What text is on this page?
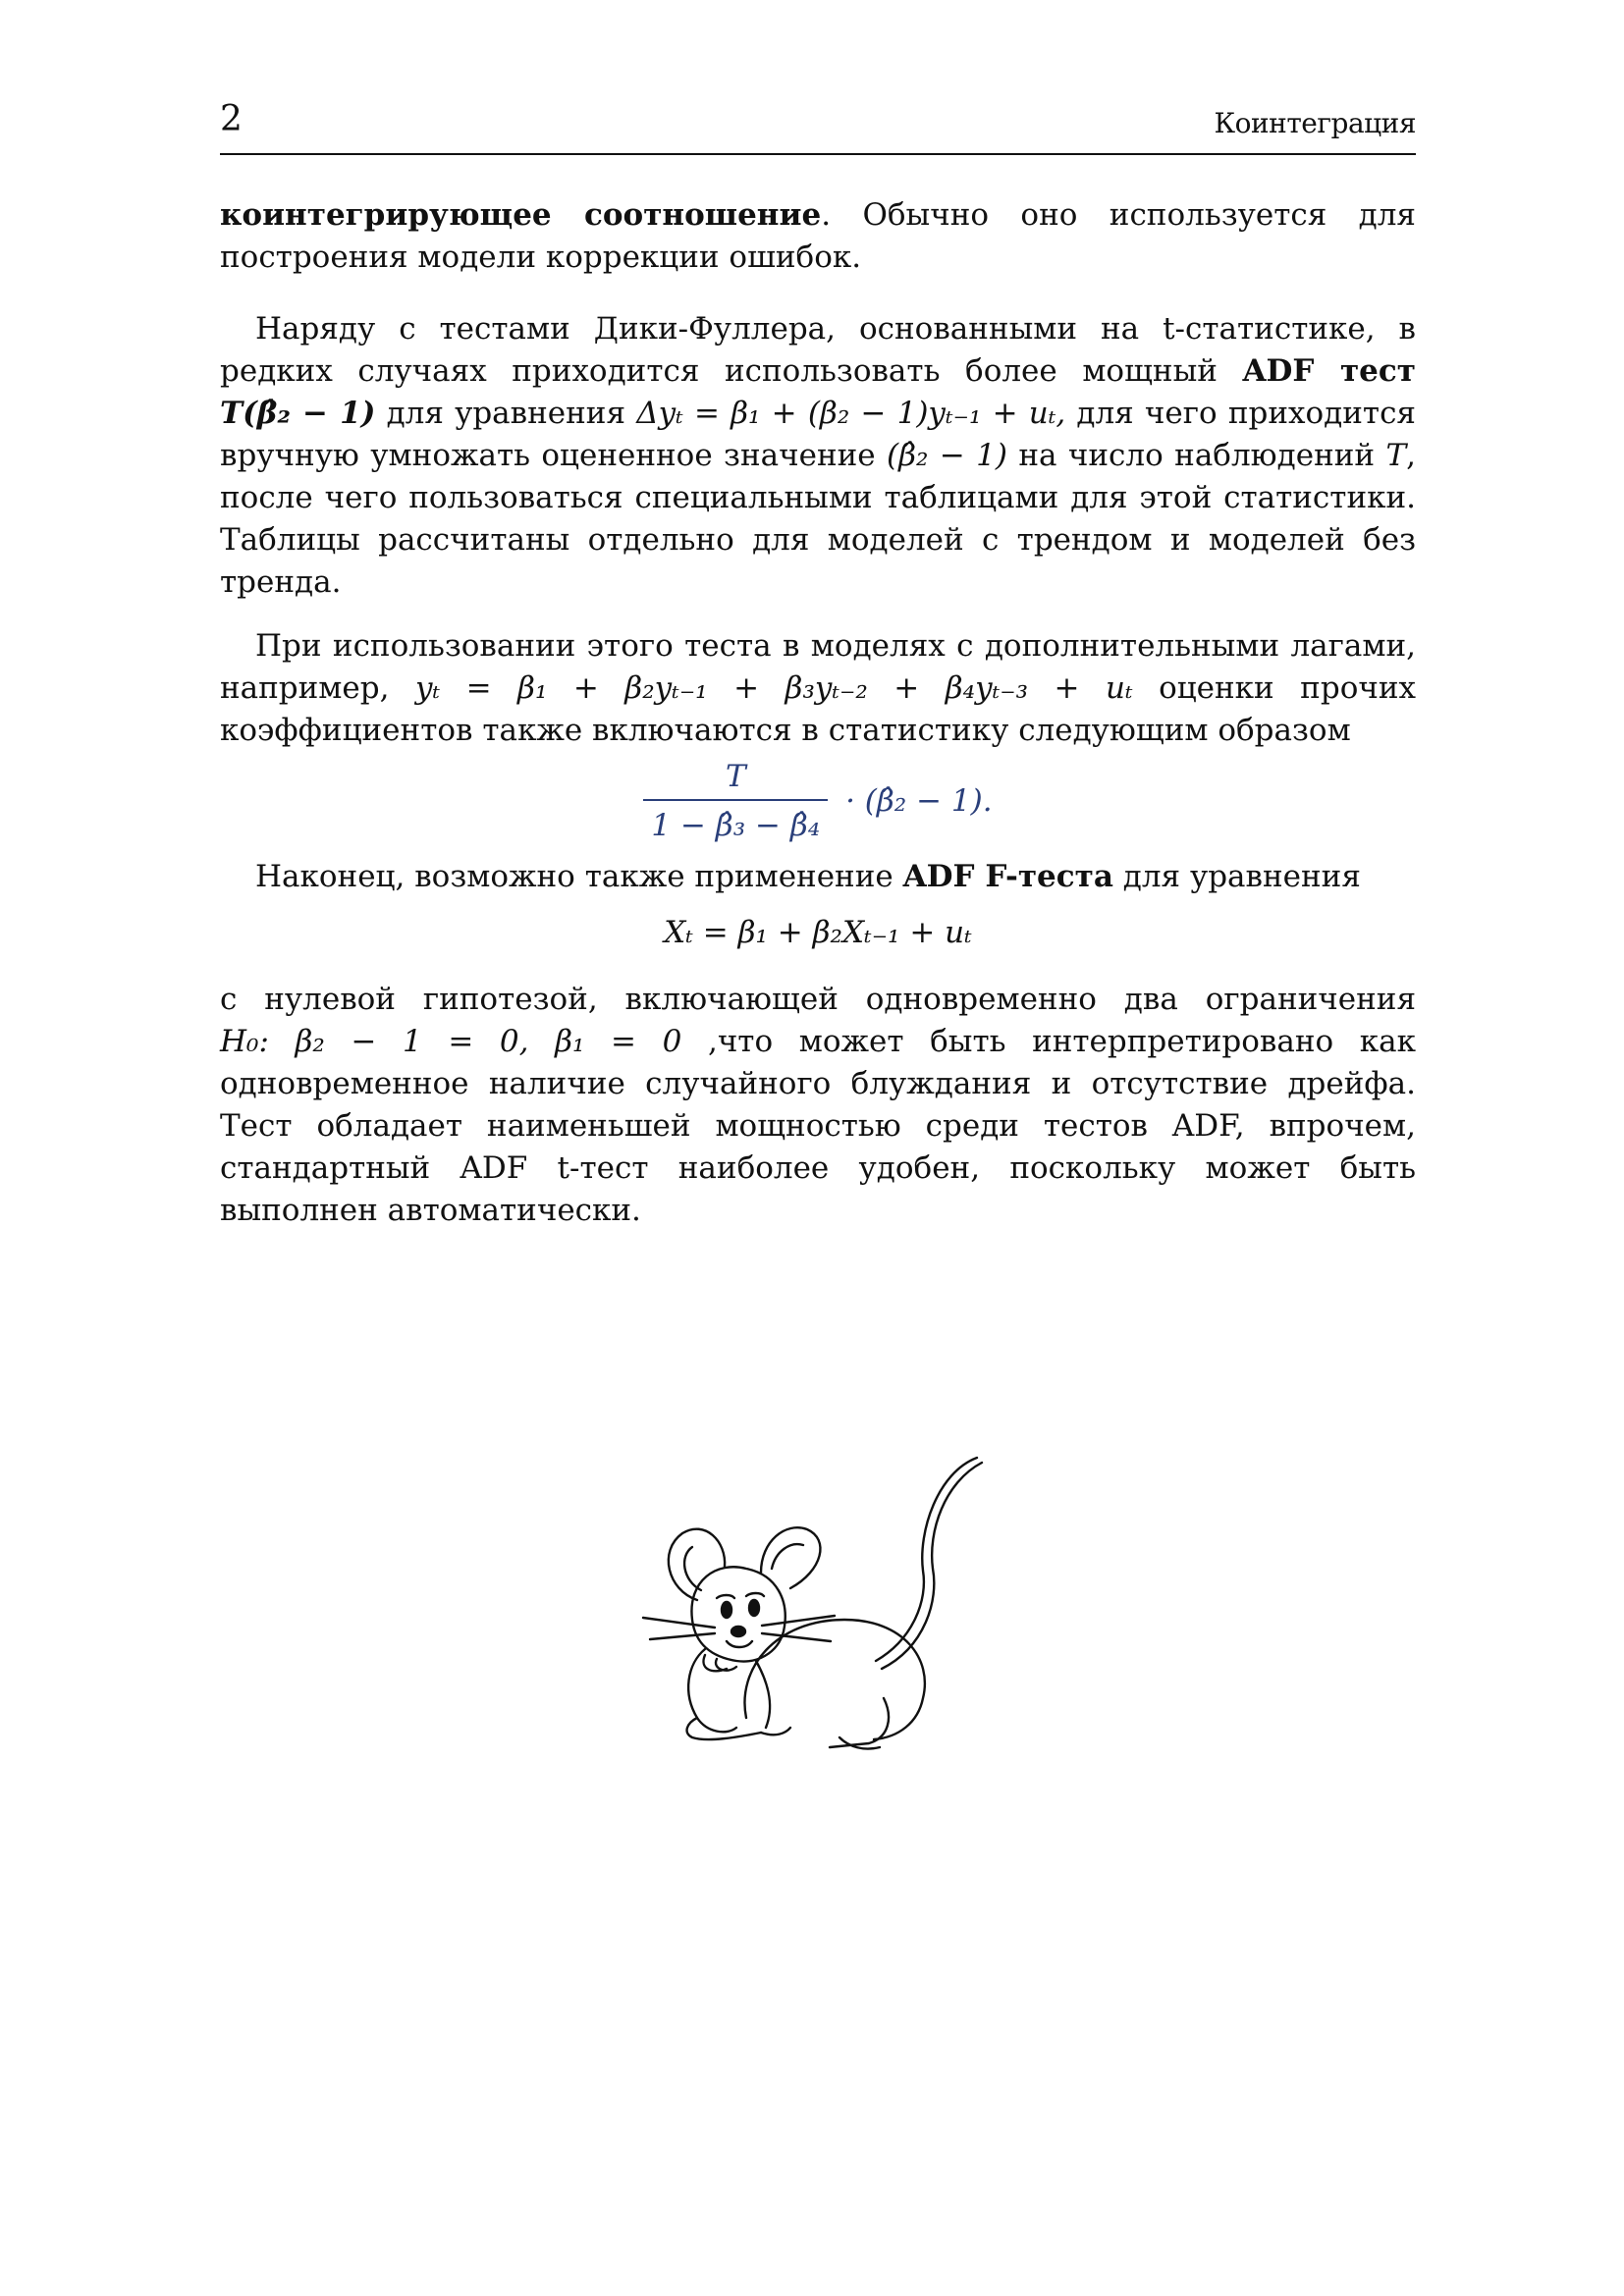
2	Коинтеграция

коинтегрирующее соотношение. Обычно оно используется для построения модели коррекции ошибок.

Наряду с тестами Дики-Фуллера, основанными на t-статистике, в редких случаях приходится использовать более мощный ADF тест T(β̂₂ − 1) для уравнения Δyₜ = β₁ + (β₂ − 1)yₜ₋₁ + uₜ, для чего приходится вручную умножать оцененное значение (β̂₂ − 1) на число наблюдений T, после чего пользоваться специальными таблицами для этой статистики. Таблицы рассчитаны отдельно для моделей с трендом и моделей без тренда.

При использовании этого теста в моделях с дополнительными лагами, например, yₜ = β₁ + β₂yₜ₋₁ + β₃yₜ₋₂ + β₄yₜ₋₃ + uₜ оценки прочих коэффициентов также включаются в статистику следующим образом

$\frac{T}{\text{1 − β̂₃ − β̂₄}}$ · (β̂₂ − 1).

Наконец, возможно также применение ADF F-теста для уравнения

Xₜ = β₁ + β₂Xₜ₋₁ + uₜ

с нулевой гипотезой, включающей одновременно два ограничения H₀: β₂ − 1 = 0, β₁ = 0 ,что может быть интерпретировано как одновременное наличие случайного блуждания и отсутствие дрейфа. Тест обладает наименьшей мощностью среди тестов ADF, впрочем, стандартный ADF t-тест наиболее удобен, поскольку может быть выполнен автоматически.
